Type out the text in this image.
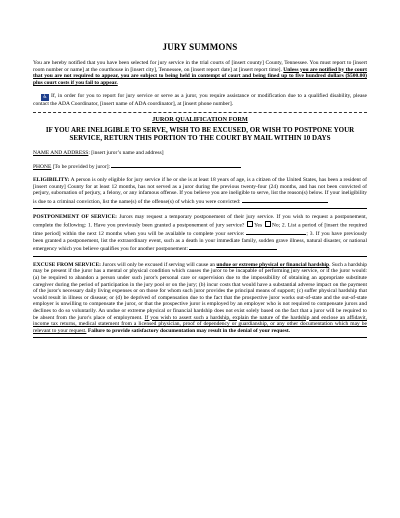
JURY SUMMONS

You are hereby notified that you have been selected for jury service in the trial courts of [insert county] County, Tennessee. You must report to [insert room number or name] at the courthouse in [insert city], Tennessee, on [insert report date] at [insert report time]. Unless you are notified by the court that you are not required to appear, you are subject to being held in contempt of court and being fined up to five hundred dollars ($500.00) plus court costs if you fail to appear.

♿ If, in order for you to report for jury service or serve as a juror, you require assistance or modification due to a qualified disability, please contact the ADA Coordinator, [insert name of ADA coordinator], at [insert phone number].

JUROR QUALIFICATION FORM
IF YOU ARE INELIGIBLE TO SERVE, WISH TO BE EXCUSED, OR WISH TO POSTPONE YOUR SERVICE, RETURN THIS PORTION TO THE COURT BY MAIL WITHIN 10 DAYS

NAME AND ADDRESS: [insert juror’s name and address]

PHONE [To be provided by juror]:

ELIGIBILITY: A person is only eligible for jury service if he or she is at least 18 years of age, is a citizen of the United States, has been a resident of [insert county] County for at least 12 months, has not served as a juror during the previous twenty-four (24) months, and has not been convicted of perjury, subornation of perjury, a felony, or any infamous offense. If you believe you are ineligible to serve, list the reason(s) below. If your ineligibility is due to a criminal conviction, list the name(s) of the offense(s) of which you were convicted:

POSTPONEMENT OF SERVICE: Jurors may request a temporary postponement of their jury service. If you wish to request a postponement, complete the following: 1. Have you previously been granted a postponement of jury service? Yes No; 2. List a period of [insert the required time period] within the next 12 months when you will be available to complete your service:	; 3. If you have previously been granted a postponement, list the extraordinary event, such as a death in your immediate family, sudden grave illness, natural disaster, or national emergency which you believe qualifies you for another postponement:

EXCUSE FROM SERVICE: Jurors will only be excused if serving will cause an undue or extreme physical or financial hardship. Such a hardship may be present if the juror has a mental or physical condition which causes the juror to be incapable of performing jury service, or if the juror would: (a) be required to abandon a person under such juror's personal care or supervision due to the impossibility of obtaining an appropriate substitute caregiver during the period of participation in the jury pool or on the jury; (b) incur costs that would have a substantial adverse impact on the payment of the juror's necessary daily living expenses or on those for whom such juror provides the principal means of support; (c) suffer physical hardship that would result in illness or disease; or (d) be deprived of compensation due to the fact that the prospective juror works out-of-state and the out-of-state employer is unwilling to compensate the juror, or that the prospective juror is employed by an employer who is not required to compensate jurors and declines to do so voluntarily. An undue or extreme physical or financial hardship does not exist solely based on the fact that a juror will be required to be absent from the juror's place of employment. If you wish to assert such a hardship, explain the nature of the hardship and enclose an affidavit, income tax returns, medical statement from a licensed physician, proof of dependency or guardianship, or any other documentation which may be relevant to your request. Failure to provide satisfactory documentation may result in the denial of your request.
